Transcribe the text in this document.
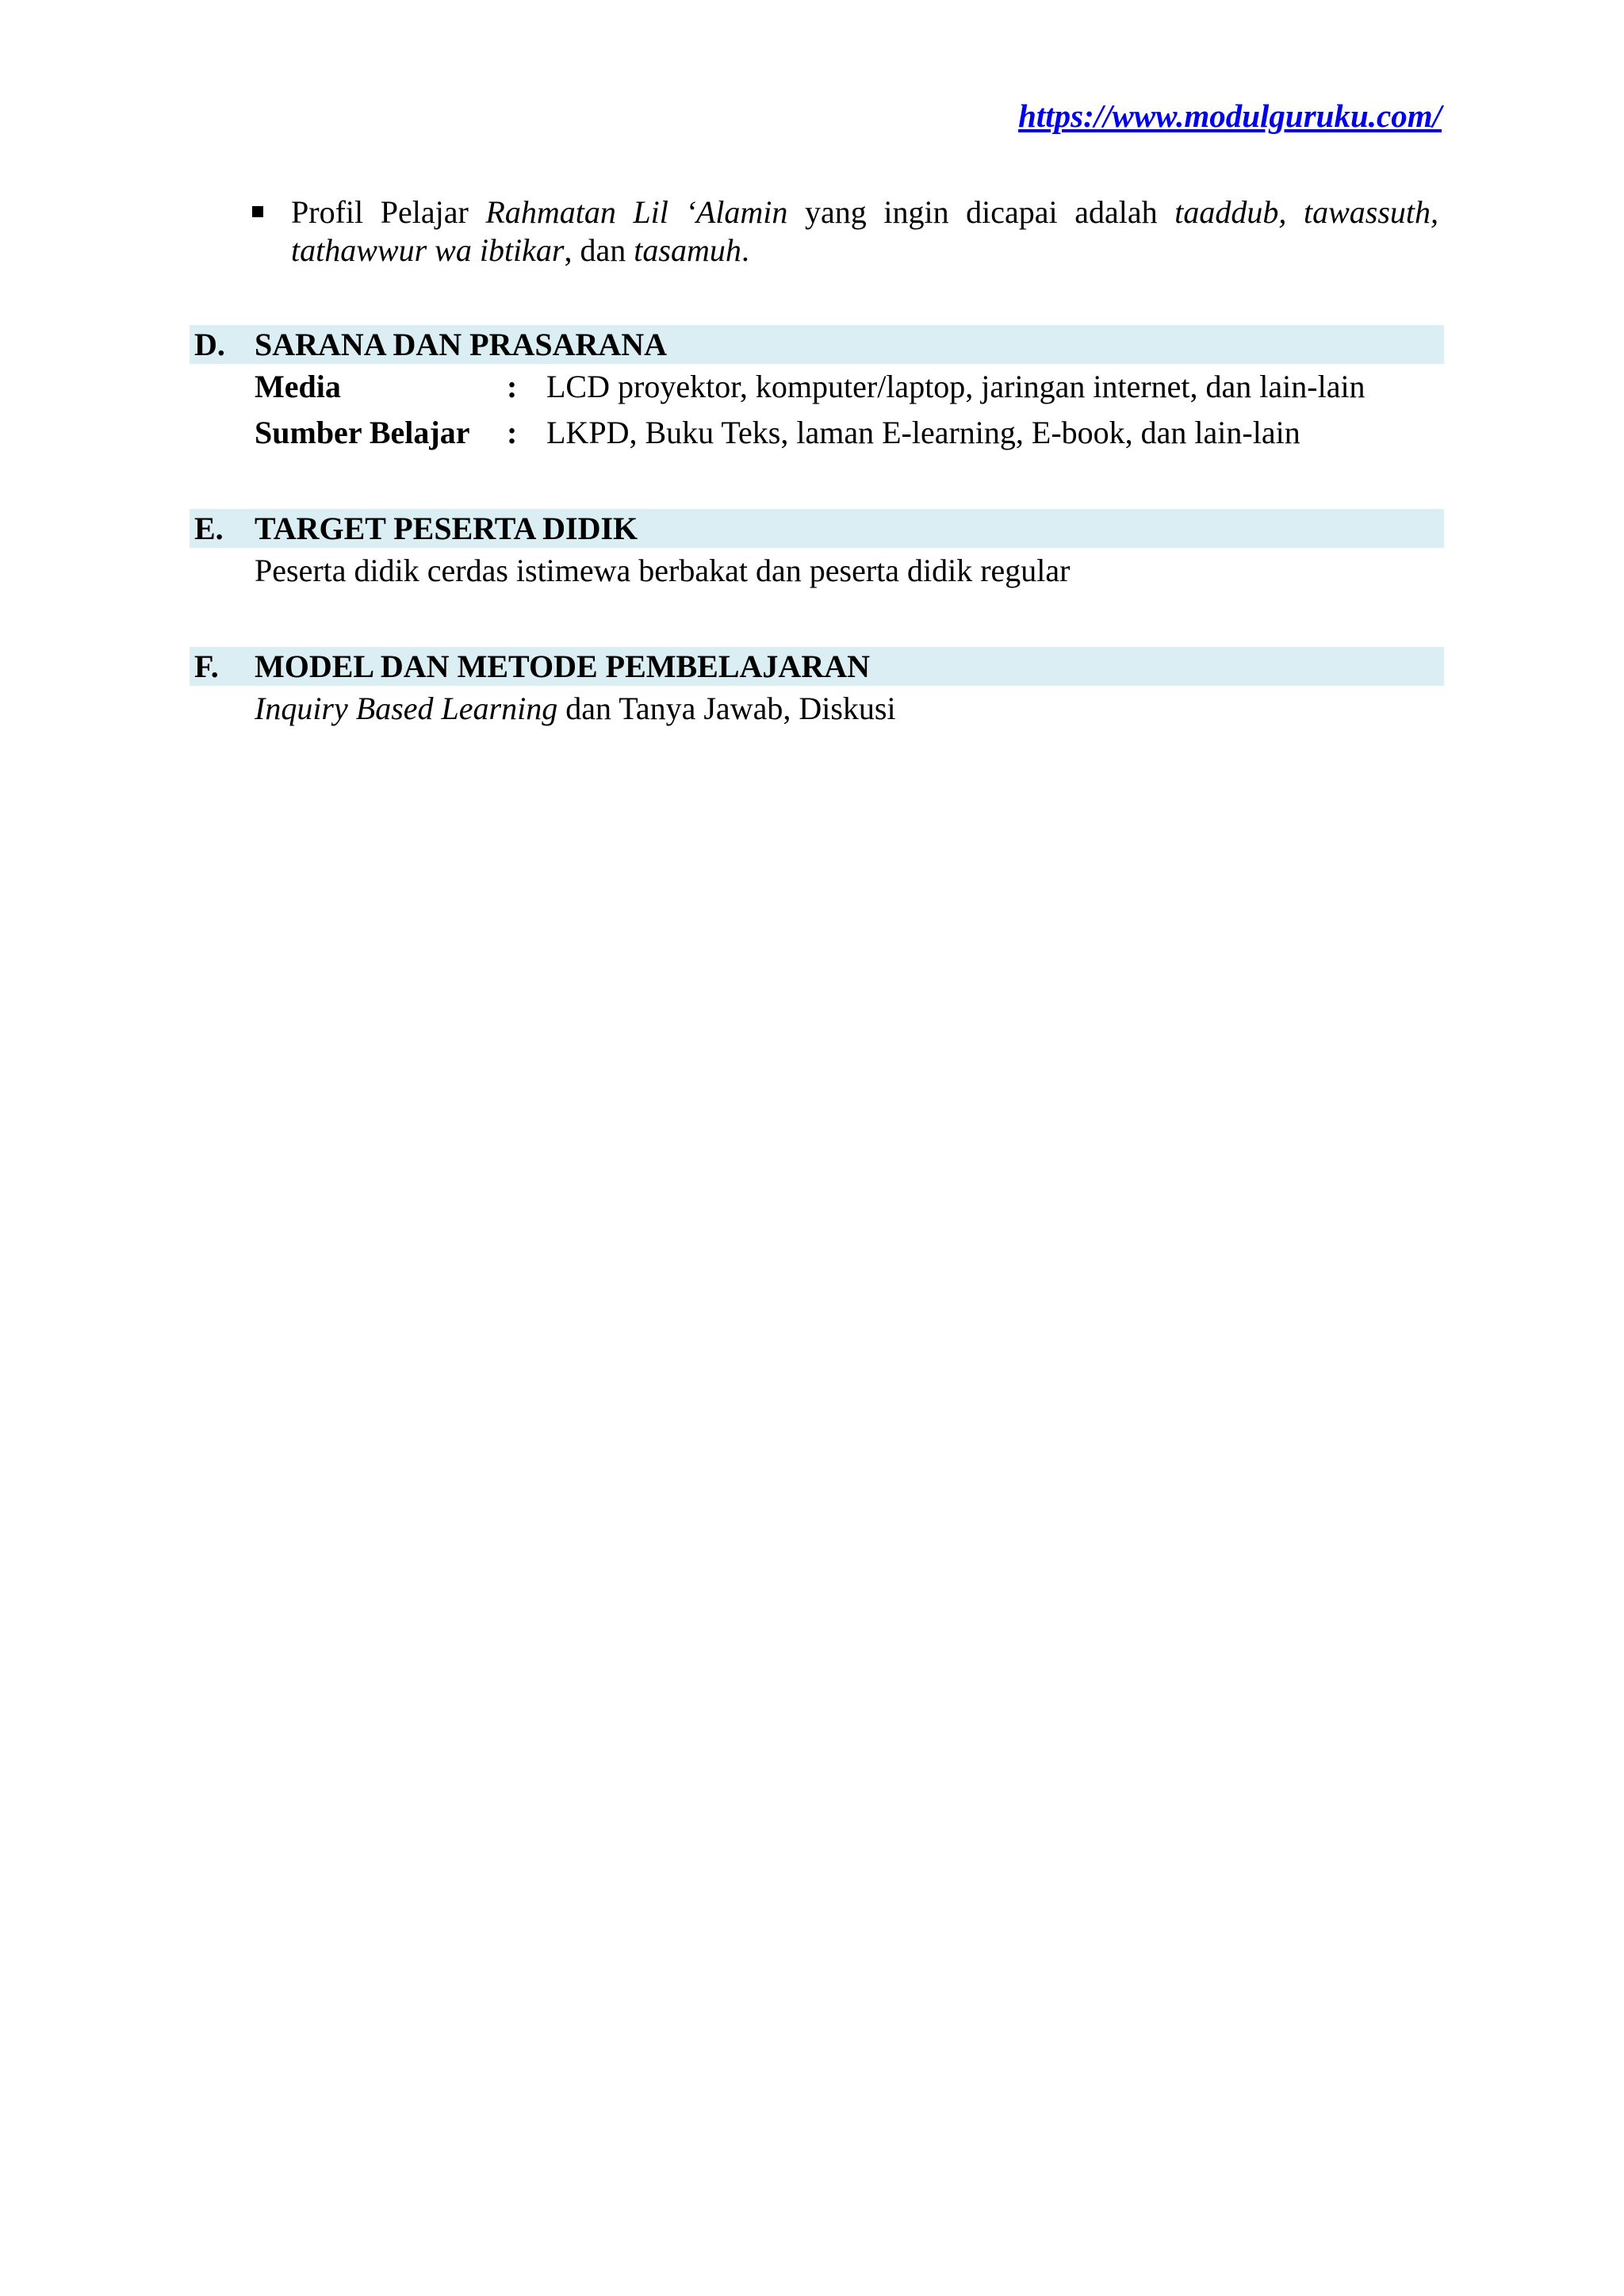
https://www.modulguruku.com/
Profil Pelajar Rahmatan Lil ‘Alamin yang ingin dicapai adalah taaddub, tawassuth,
tathawwur wa ibtikar, dan tasamuh.
D. SARANA DAN PRASARANA
Media	: LCD proyektor, komputer/laptop, jaringan internet, dan lain-lain
Sumber Belajar : LKPD, Buku Teks, laman E-learning, E-book, dan lain-lain
E. TARGET PESERTA DIDIK
Peserta didik cerdas istimewa berbakat dan peserta didik regular
F. MODEL DAN METODE PEMBELAJARAN
Inquiry Based Learning dan Tanya Jawab, Diskusi
